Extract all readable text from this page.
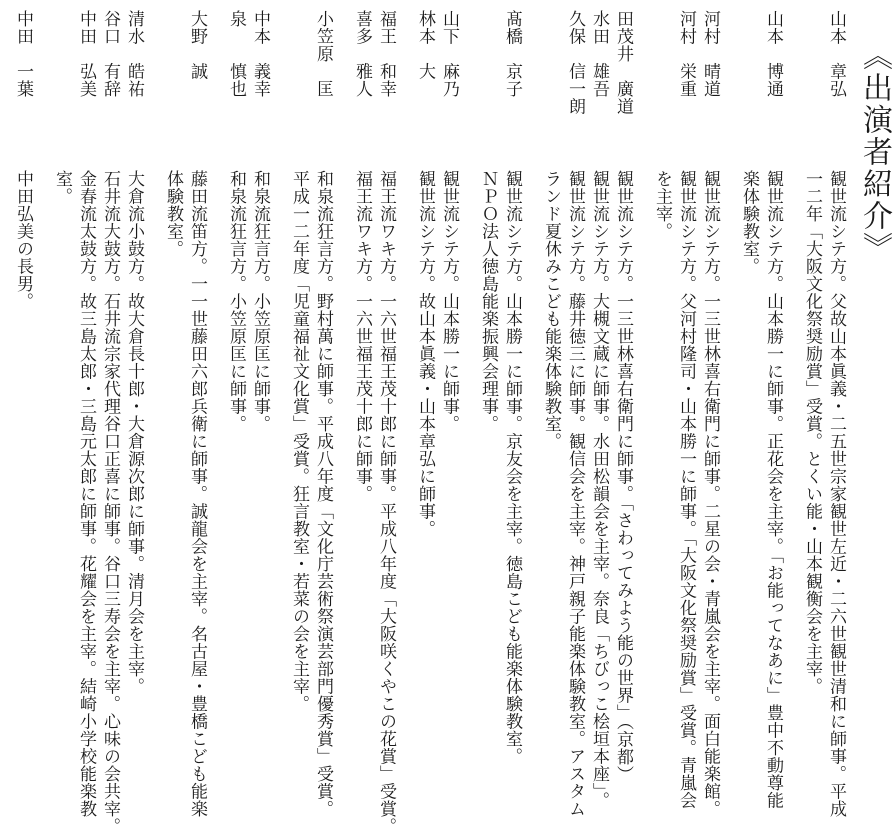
《出演者紹介》
山本　章弘
観世流シテ方。父故山本眞義・二五世宗家観世左近・二六世観世清和に師事。平成
一二年「大阪文化祭奨励賞」受賞。とくい能・山本観衡会を主宰。
山本　博通
観世流シテ方。山本勝一に師事。正花会を主宰。「お能ってなあに」豊中不動尊能
楽体験教室。
河村　晴道
観世流シテ方。一三世林喜右衛門に師事。二星の会・青嵐会を主宰。面白能楽館。
河村　栄重
観世流シテ方。父河村隆司・山本勝一に師事。「大阪文化祭奨励賞」受賞。青嵐会
を主宰。
田茂井　廣道
観世流シテ方。一三世林喜右衛門に師事。「さわってみよう能の世界」（京都）
水田　雄吾
観世流シテ方。大槻文蔵に師事。水田松韻会を主宰。奈良「ちびっこ桧垣本座」。
久保　信一朗
観世流シテ方。藤井徳三に師事。観信会を主宰。神戸親子能楽体験教室。アスタム
ランド夏休みこども能楽体験教室。
髙橋　京子
観世流シテ方。山本勝一に師事。京友会を主宰。徳島こども能楽体験教室。
ＮＰＯ法人徳島能楽振興会理事。
山下　麻乃
観世流シテ方。山本勝一に師事。
林本　大
観世流シテ方。故山本眞義・山本章弘に師事。
福王　和幸
福王流ワキ方。一六世福王茂十郎に師事。平成八年度「大阪咲くやこの花賞」受賞。
喜多　雅人
福王流ワキ方。一六世福王茂十郎に師事。
小笠原　匡
和泉流狂言方。野村萬に師事。平成八年度「文化庁芸術祭演芸部門優秀賞」受賞。
平成一二年度「児童福祉文化賞」受賞。狂言教室・若菜の会を主宰。
中本　義幸
和泉流狂言方。小笠原匡に師事。
泉　　慎也
和泉流狂言方。小笠原匡に師事。
大野　誠
藤田流笛方。一一世藤田六郎兵衛に師事。誠龍会を主宰。名古屋・豊橋こども能楽
体験教室。
清水　皓祐
大倉流小鼓方。故大倉長十郎・大倉源次郎に師事。清月会を主宰。
谷口　有辞
石井流大鼓方。石井流宗家代理谷口正喜に師事。谷口三寿会を主宰。心味の会共宰。
中田　弘美
金春流太鼓方。故三島太郎・三島元太郎に師事。花耀会を主宰。結崎小学校能楽教
室。
中田　一葉
中田弘美の長男。
